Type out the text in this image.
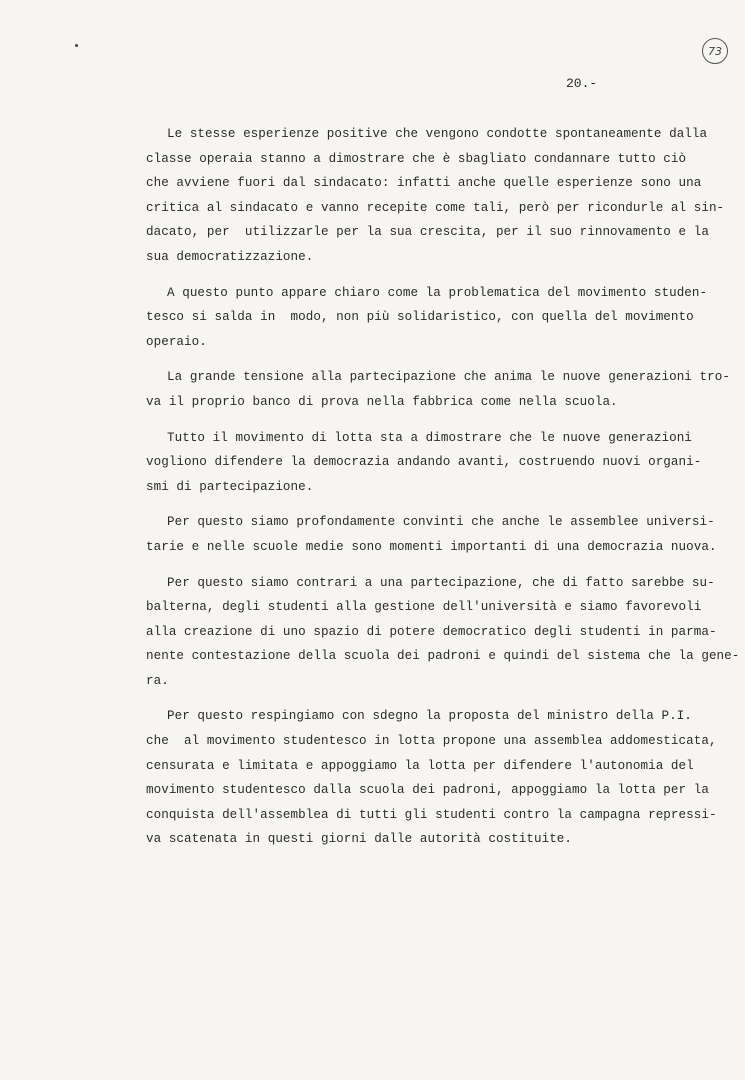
73
20.-
Le stesse esperienze positive che vengono condotte spontaneamente dalla
classe operaia stanno a dimostrare che è sbagliato condannare tutto ciò
che avviene fuori dal sindacato: infatti anche quelle esperienze sono una
critica al sindacato e vanno recepite come tali, però per ricondurle al sin-
dacato, per  utilizzarle per la sua crescita, per il suo rinnovamento e la
sua democratizzazione.
A questo punto appare chiaro come la problematica del movimento studen-
tesco si salda in  modo, non più solidaristico, con quella del movimento
operaio.
La grande tensione alla partecipazione che anima le nuove generazioni tro-
va il proprio banco di prova nella fabbrica come nella scuola.
Tutto il movimento di lotta sta a dimostrare che le nuove generazioni
vogliono difendere la democrazia andando avanti, costruendo nuovi organi-
smi di partecipazione.
Per questo siamo profondamente convinti che anche le assemblee universi-
tarie e nelle scuole medie sono momenti importanti di una democrazia nuova.
Per questo siamo contrari a una partecipazione, che di fatto sarebbe su-
balterna, degli studenti alla gestione dell'università e siamo favorevoli
alla creazione di uno spazio di potere democratico degli studenti in parma-
nente contestazione della scuola dei padroni e quindi del sistema che la gene-
ra.
Per questo respingiamo con sdegno la proposta del ministro della P.I.
che  al movimento studentesco in lotta propone una assemblea addomesticata,
censurata e limitata e appoggiamo la lotta per difendere l'autonomia del
movimento studentesco dalla scuola dei padroni, appoggiamo la lotta per la
conquista dell'assemblea di tutti gli studenti contro la campagna repressi-
va scatenata in questi giorni dalle autorità costituite.
